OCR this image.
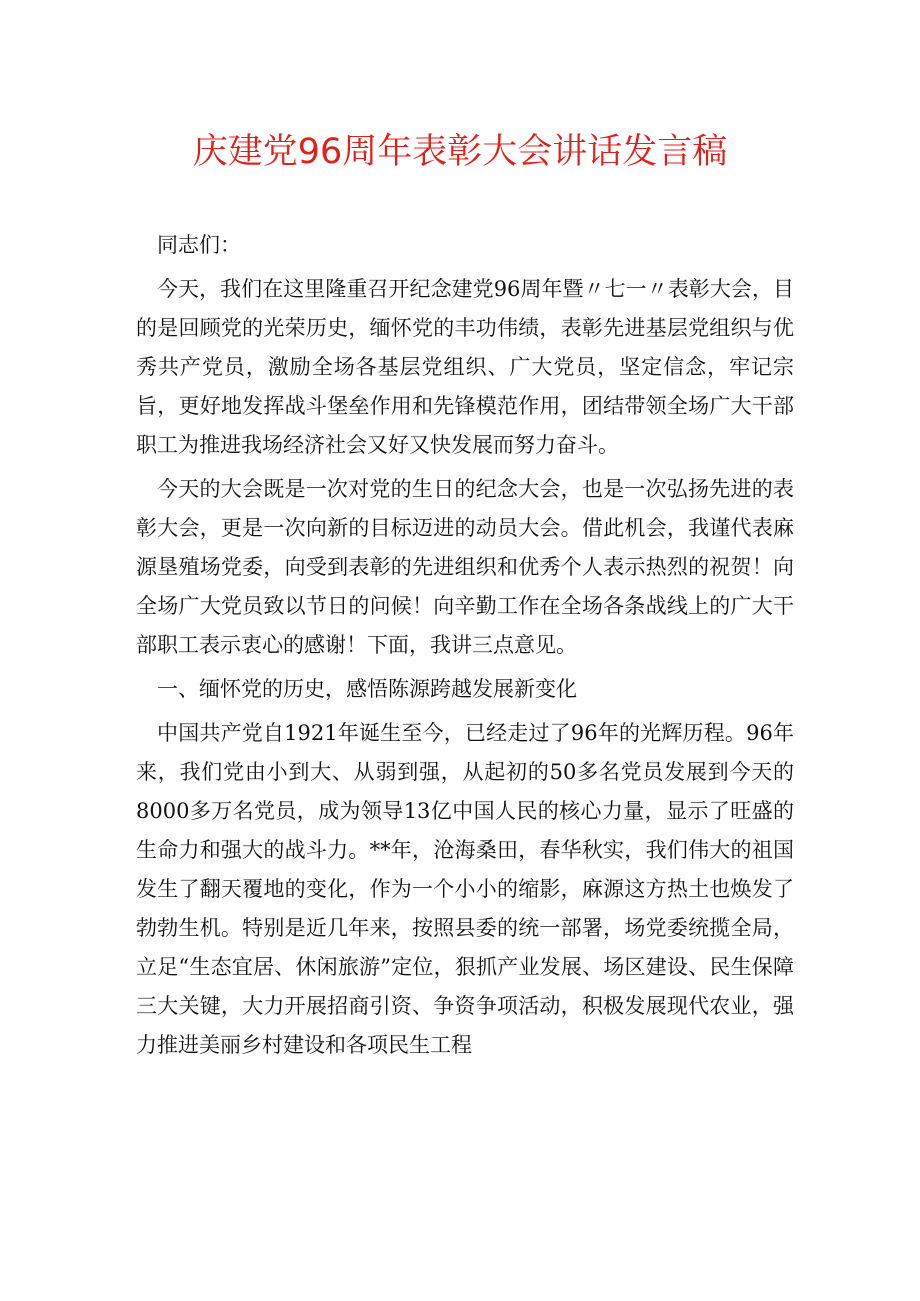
庆建党96周年表彰大会讲话发言稿

同志们：

今天，我们在这里隆重召开纪念建党96周年暨〃七一〃表彰大会，目的是回顾党的光荣历史，缅怀党的丰功伟绩，表彰先进基层党组织与优秀共产党员，激励全场各基层党组织、广大党员，坚定信念，牢记宗旨，更好地发挥战斗堡垒作用和先锋模范作用，团结带领全场广大干部职工为推进我场经济社会又好又快发展而努力奋斗。

今天的大会既是一次对党的生日的纪念大会，也是一次弘扬先进的表彰大会，更是一次向新的目标迈进的动员大会。借此机会，我谨代表麻源垦殖场党委，向受到表彰的先进组织和优秀个人表示热烈的祝贺！向全场广大党员致以节日的问候！向辛勤工作在全场各条战线上的广大干部职工表示衷心的感谢！下面，我讲三点意见。

一、缅怀党的历史，感悟陈源跨越发展新变化

中国共产党自1921年诞生至今，已经走过了96年的光辉历程。96年来，我们党由小到大、从弱到强，从起初的50多名党员发展到今天的8000多万名党员，成为领导13亿中国人民的核心力量，显示了旺盛的生命力和强大的战斗力。**年，沧海桑田，春华秋实，我们伟大的祖国发生了翻天覆地的变化，作为一个小小的缩影，麻源这方热土也焕发了勃勃生机。特别是近几年来，按照县委的统一部署，场党委统揽全局，立足“生态宜居、休闲旅游”定位，狠抓产业发展、场区建设、民生保障三大关键，大力开展招商引资、争资争项活动，积极发展现代农业，强力推进美丽乡村建设和各项民生工程
